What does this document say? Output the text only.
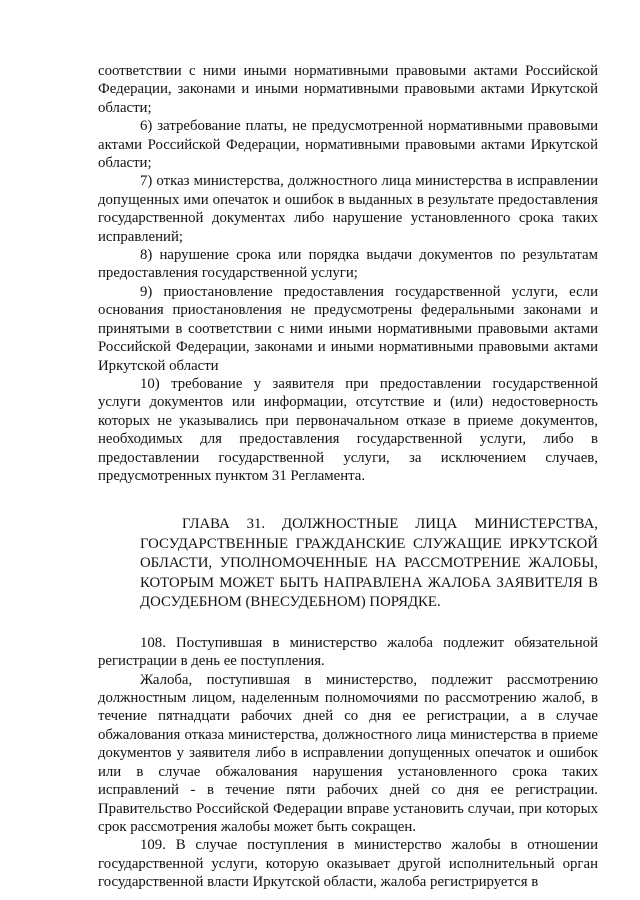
соответствии с ними иными нормативными правовыми актами Российской Федерации, законами и иными нормативными правовыми актами Иркутской области;

6) затребование платы, не предусмотренной нормативными правовыми актами Российской Федерации, нормативными правовыми актами Иркутской области;

7) отказ министерства, должностного лица министерства в исправлении допущенных ими опечаток и ошибок в выданных в результате предоставления государственной документах либо нарушение установленного срока таких исправлений;

8) нарушение срока или порядка выдачи документов по результатам предоставления государственной услуги;

9) приостановление предоставления государственной услуги, если основания приостановления не предусмотрены федеральными законами и принятыми в соответствии с ними иными нормативными правовыми актами Российской Федерации, законами и иными нормативными правовыми актами Иркутской области

10) требование у заявителя при предоставлении государственной услуги документов или информации, отсутствие и (или) недостоверность которых не указывались при первоначальном отказе в приеме документов, необходимых для предоставления государственной услуги, либо в предоставлении государственной услуги, за исключением случаев, предусмотренных пунктом 31 Регламента.

ГЛАВА 31. ДОЛЖНОСТНЫЕ ЛИЦА МИНИСТЕРСТВА,
ГОСУДАРСТВЕННЫЕ ГРАЖДАНСКИЕ СЛУЖАЩИЕ ИРКУТСКОЙ
ОБЛАСТИ, УПОЛНОМОЧЕННЫЕ НА РАССМОТРЕНИЕ ЖАЛОБЫ,
КОТОРЫМ МОЖЕТ БЫТЬ НАПРАВЛЕНА ЖАЛОБА ЗАЯВИТЕЛЯ В
ДОСУДЕБНОМ (ВНЕСУДЕБНОМ) ПОРЯДКЕ.

108. Поступившая в министерство жалоба подлежит обязательной регистрации в день ее поступления.

Жалоба, поступившая в министерство, подлежит рассмотрению должностным лицом, наделенным полномочиями по рассмотрению жалоб, в течение пятнадцати рабочих дней со дня ее регистрации, а в случае обжалования отказа министерства, должностного лица министерства в приеме документов у заявителя либо в исправлении допущенных опечаток и ошибок или в случае обжалования нарушения установленного срока таких исправлений - в течение пяти рабочих дней со дня ее регистрации. Правительство Российской Федерации вправе установить случаи, при которых срок рассмотрения жалобы может быть сокращен.

109. В случае поступления в министерство жалобы в отношении государственной услуги, которую оказывает другой исполнительный орган государственной власти Иркутской области, жалоба регистрируется в
